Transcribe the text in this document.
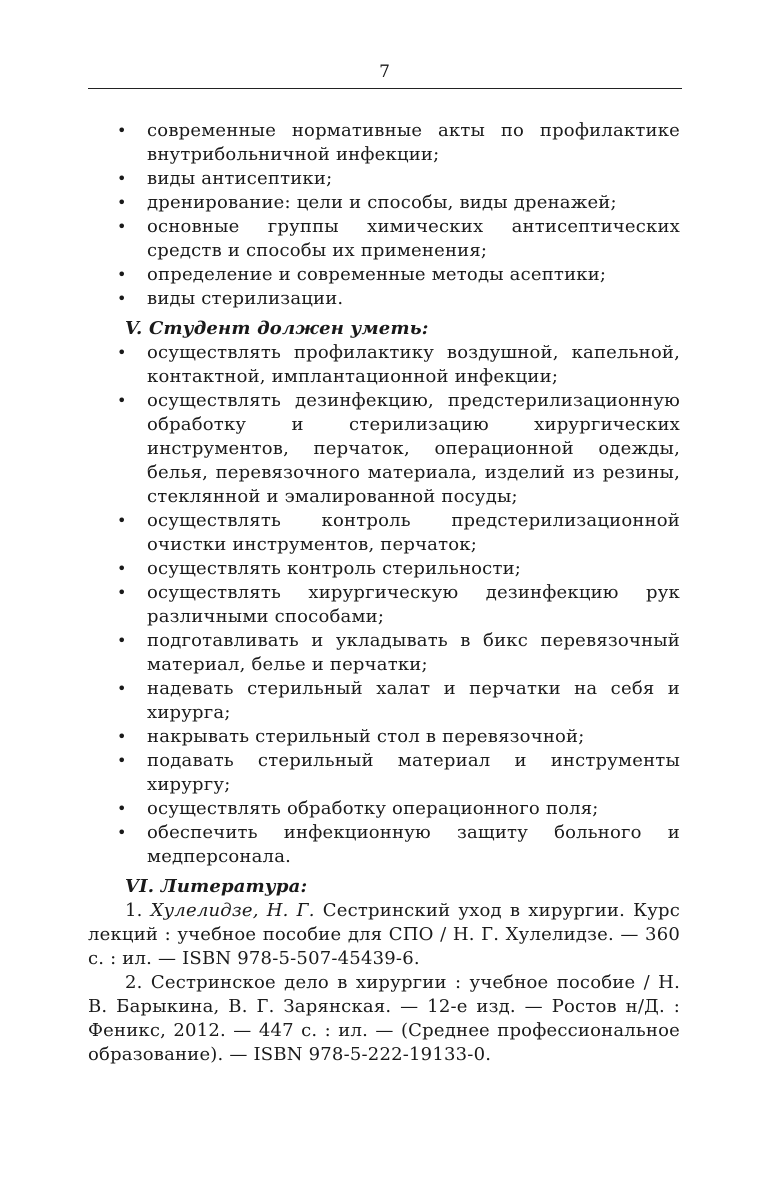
7
• современные нормативные акты по профилактике внутрибольничной инфекции;
• виды антисептики;
• дренирование: цели и способы, виды дренажей;
• основные группы химических антисептических средств и способы их применения;
• определение и современные методы асептики;
• виды стерилизации.

V. Студент должен уметь:

• осуществлять профилактику воздушной, капельной, контактной, имплантационной инфекции;
• осуществлять дезинфекцию, предстерилизационную обработку и стерилизацию хирургических инструментов, перчаток, операционной одежды, белья, перевязочного материала, изделий из резины, стеклянной и эмалированной посуды;
• осуществлять контроль предстерилизационной очистки инструментов, перчаток;
• осуществлять контроль стерильности;
• осуществлять хирургическую дезинфекцию рук различными способами;
• подготавливать и укладывать в бикс перевязочный материал, белье и перчатки;
• надевать стерильный халат и перчатки на себя и хирурга;
• накрывать стерильный стол в перевязочной;
• подавать стерильный материал и инструменты хирургу;
• осуществлять обработку операционного поля;
• обеспечить инфекционную защиту больного и медперсонала.

VI. Литература:

1. Хулелидзе, Н. Г. Сестринский уход в хирургии. Курс лекций : учебное пособие для СПО / Н. Г. Хулелидзе. — 360 с. : ил. — ISBN 978-5-507-45439-6.

2. Сестринское дело в хирургии : учебное пособие / Н. В. Барыкина, В. Г. Зарянская. — 12-е изд. — Ростов н/Д. : Феникс, 2012. — 447 с. : ил. — (Среднее профессиональное образование). — ISBN 978-5-222-19133-0.
